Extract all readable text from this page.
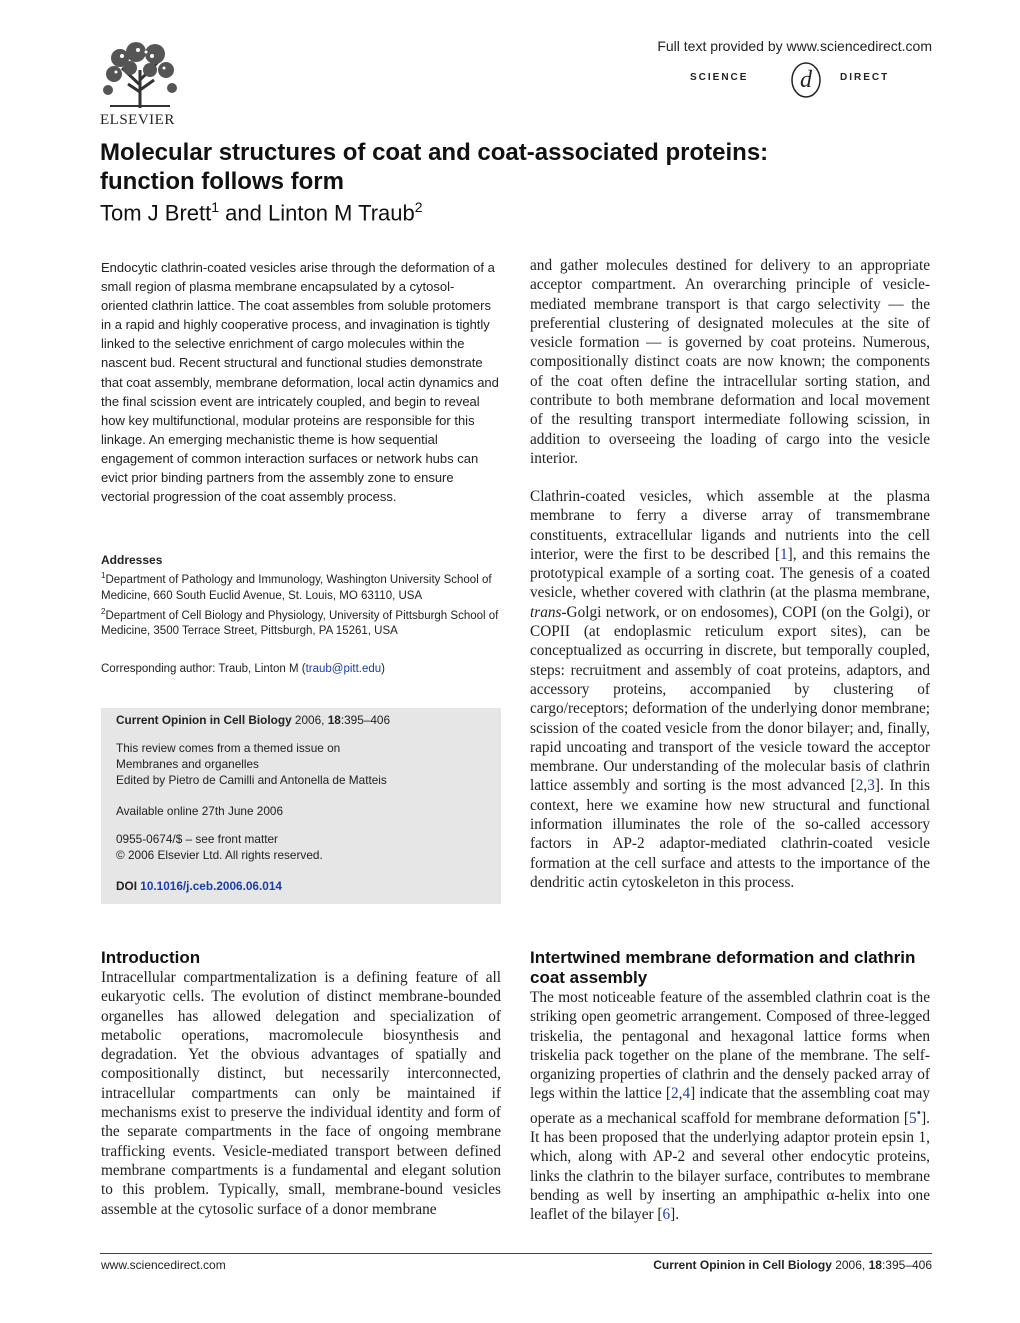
ELSEVIER
Full text provided by www.sciencedirect.com
SCIENCE d	DIRECT
Molecular structures of coat and coat-associated proteins:
function follows form
Tom J Brett$^1$ and Linton M Traub$^2$
Endocytic clathrin-coated vesicles arise through the deformation of a small region of plasma membrane encapsulated by a cytosol-oriented clathrin lattice. The coat assembles from soluble protomers in a rapid and highly cooperative process, and invagination is tightly linked to the selective enrichment of cargo molecules within the nascent bud. Recent structural and functional studies demonstrate that coat assembly, membrane deformation, local actin dynamics and the final scission event are intricately coupled, and begin to reveal how key multifunctional, modular proteins are responsible for this linkage. An emerging mechanistic theme is how sequential engagement of common interaction surfaces or network hubs can evict prior binding partners from the assembly zone to ensure vectorial progression of the coat assembly process.
Addresses
$^1$Department of Pathology and Immunology, Washington University School of Medicine, 660 South Euclid Avenue, St. Louis, MO 63110, USA
$^2$Department of Cell Biology and Physiology, University of Pittsburgh School of Medicine, 3500 Terrace Street, Pittsburgh, PA 15261, USA
Corresponding author: Traub, Linton M (traub@pitt.edu)
Current Opinion in Cell Biology 2006, 18:395–406
This review comes from a themed issue on
Membranes and organelles
Edited by Pietro de Camilli and Antonella de Matteis
Available online 27th June 2006
0955-0674/$ – see front matter
© 2006 Elsevier Ltd. All rights reserved.
DOI 10.1016/j.ceb.2006.06.014
Introduction
Intracellular compartmentalization is a defining feature of all eukaryotic cells. The evolution of distinct membrane-bounded organelles has allowed delegation and specialization of metabolic operations, macromolecule biosynthesis and degradation. Yet the obvious advantages of spatially and compositionally distinct, but necessarily interconnected, intracellular compartments can only be maintained if mechanisms exist to preserve the individual identity and form of the separate compartments in the face of ongoing membrane trafficking events. Vesicle-mediated transport between defined membrane compartments is a fundamental and elegant solution to this problem. Typically, small, membrane-bound vesicles assemble at the cytosolic surface of a donor membrane
and gather molecules destined for delivery to an appropriate acceptor compartment. An overarching principle of vesicle-mediated membrane transport is that cargo selectivity — the preferential clustering of designated molecules at the site of vesicle formation — is governed by coat proteins. Numerous, compositionally distinct coats are now known; the components of the coat often define the intracellular sorting station, and contribute to both membrane deformation and local movement of the resulting transport intermediate following scission, in addition to overseeing the loading of cargo into the vesicle interior.
Clathrin-coated vesicles, which assemble at the plasma membrane to ferry a diverse array of transmembrane constituents, extracellular ligands and nutrients into the cell interior, were the first to be described [1], and this remains the prototypical example of a sorting coat. The genesis of a coated vesicle, whether covered with clathrin (at the plasma membrane, trans-Golgi network, or on endosomes), COPI (on the Golgi), or COPII (at endoplasmic reticulum export sites), can be conceptualized as occurring in discrete, but temporally coupled, steps: recruitment and assembly of coat proteins, adaptors, and accessory proteins, accompanied by clustering of cargo/receptors; deformation of the underlying donor membrane; scission of the coated vesicle from the donor bilayer; and, finally, rapid uncoating and transport of the vesicle toward the acceptor membrane. Our understanding of the molecular basis of clathrin lattice assembly and sorting is the most advanced [2,3]. In this context, here we examine how new structural and functional information illuminates the role of the so-called accessory factors in AP-2 adaptor-mediated clathrin-coated vesicle formation at the cell surface and attests to the importance of the dendritic actin cytoskeleton in this process.
Intertwined membrane deformation and clathrin coat assembly
The most noticeable feature of the assembled clathrin coat is the striking open geometric arrangement. Composed of three-legged triskelia, the pentagonal and hexagonal lattice forms when triskelia pack together on the plane of the membrane. The self-organizing properties of clathrin and the densely packed array of legs within the lattice [2,4] indicate that the assembling coat may operate as a mechanical scaffold for membrane deformation [5•]. It has been proposed that the underlying adaptor protein epsin 1, which, along with AP-2 and several other endocytic proteins, links the clathrin to the bilayer surface, contributes to membrane bending as well by inserting an amphipathic α-helix into one leaflet of the bilayer [6].
www.sciencedirect.com	Current Opinion in Cell Biology 2006, 18:395–406
